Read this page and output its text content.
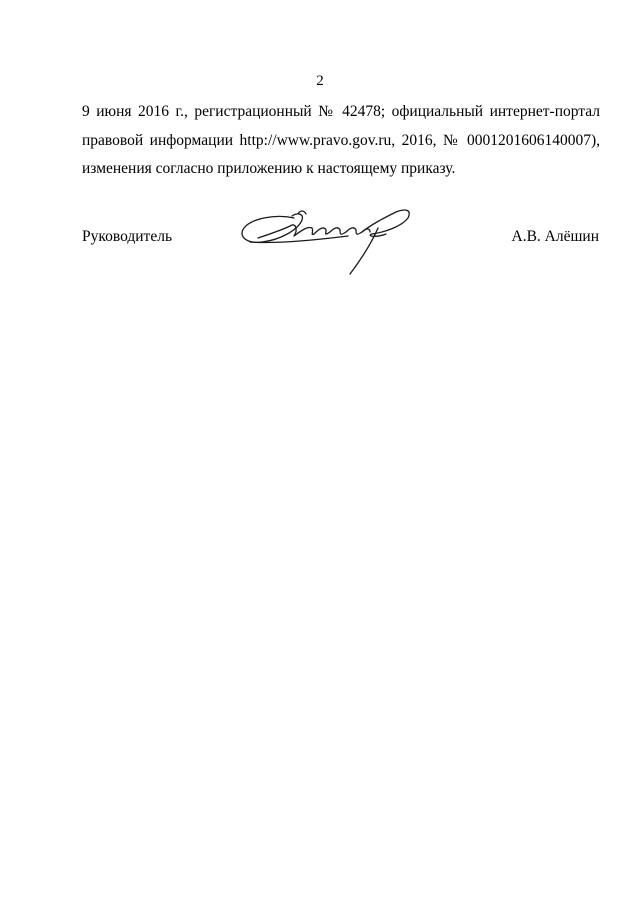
2
9 июня 2016 г., регистрационный № 42478; официальный интернет-портал
правовой информации http://www.pravo.gov.ru, 2016, № 0001201606140007),
изменения согласно приложению к настоящему приказу.
Руководитель	А.В. Алёшин
